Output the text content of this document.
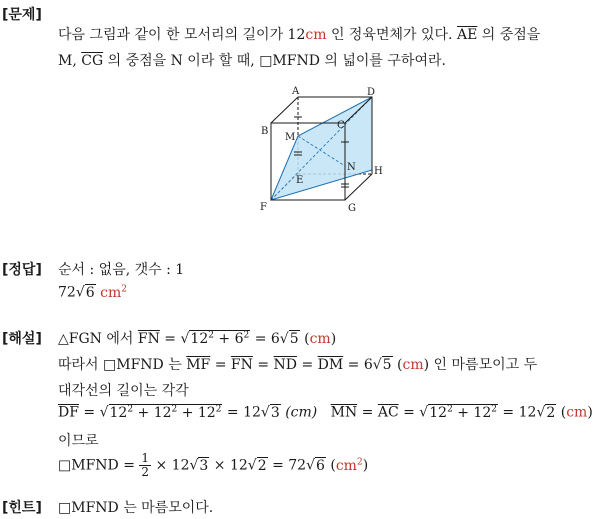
[문제]
다음 그림과 같이 한 모서리의 길이가 12cm 인 정육면체가 있다. $\overline{AE}$ 의 중점을
M, $\overline{CG}$ 의 중점을 N 이라 할 때, □MFND 의 넓이를 구하여라.
A	D
B
C
M
N
E
H
F	G
[정답] 순서 : 없음, 갯수 : 1
72√6 $cm^2$
[해설] △FGN 에서 $\overline{FN} = √12^2 + 6^2 = 6√5$ (cm)
따라서 □MFND 는 $\overline{MF} = \overline{FN} = \overline{ND} = \overline{DM} = 6√5$ (cm) 인 마름모이고 두
대각선의 길이는 각각
$\overline{DF} = √12^2 + 12^2 + 12^2 = 12√3$ (cm) $\overline{MN} = \overline{AC} = √12^2 + 12^2 = 12√2$ (cm)
이므로
□MFND = $\frac{1}{2} \times 12√3 \times 12√2 = 72√6$ $(cm^2)$
[힌트] □MFND 는 마름모이다.
